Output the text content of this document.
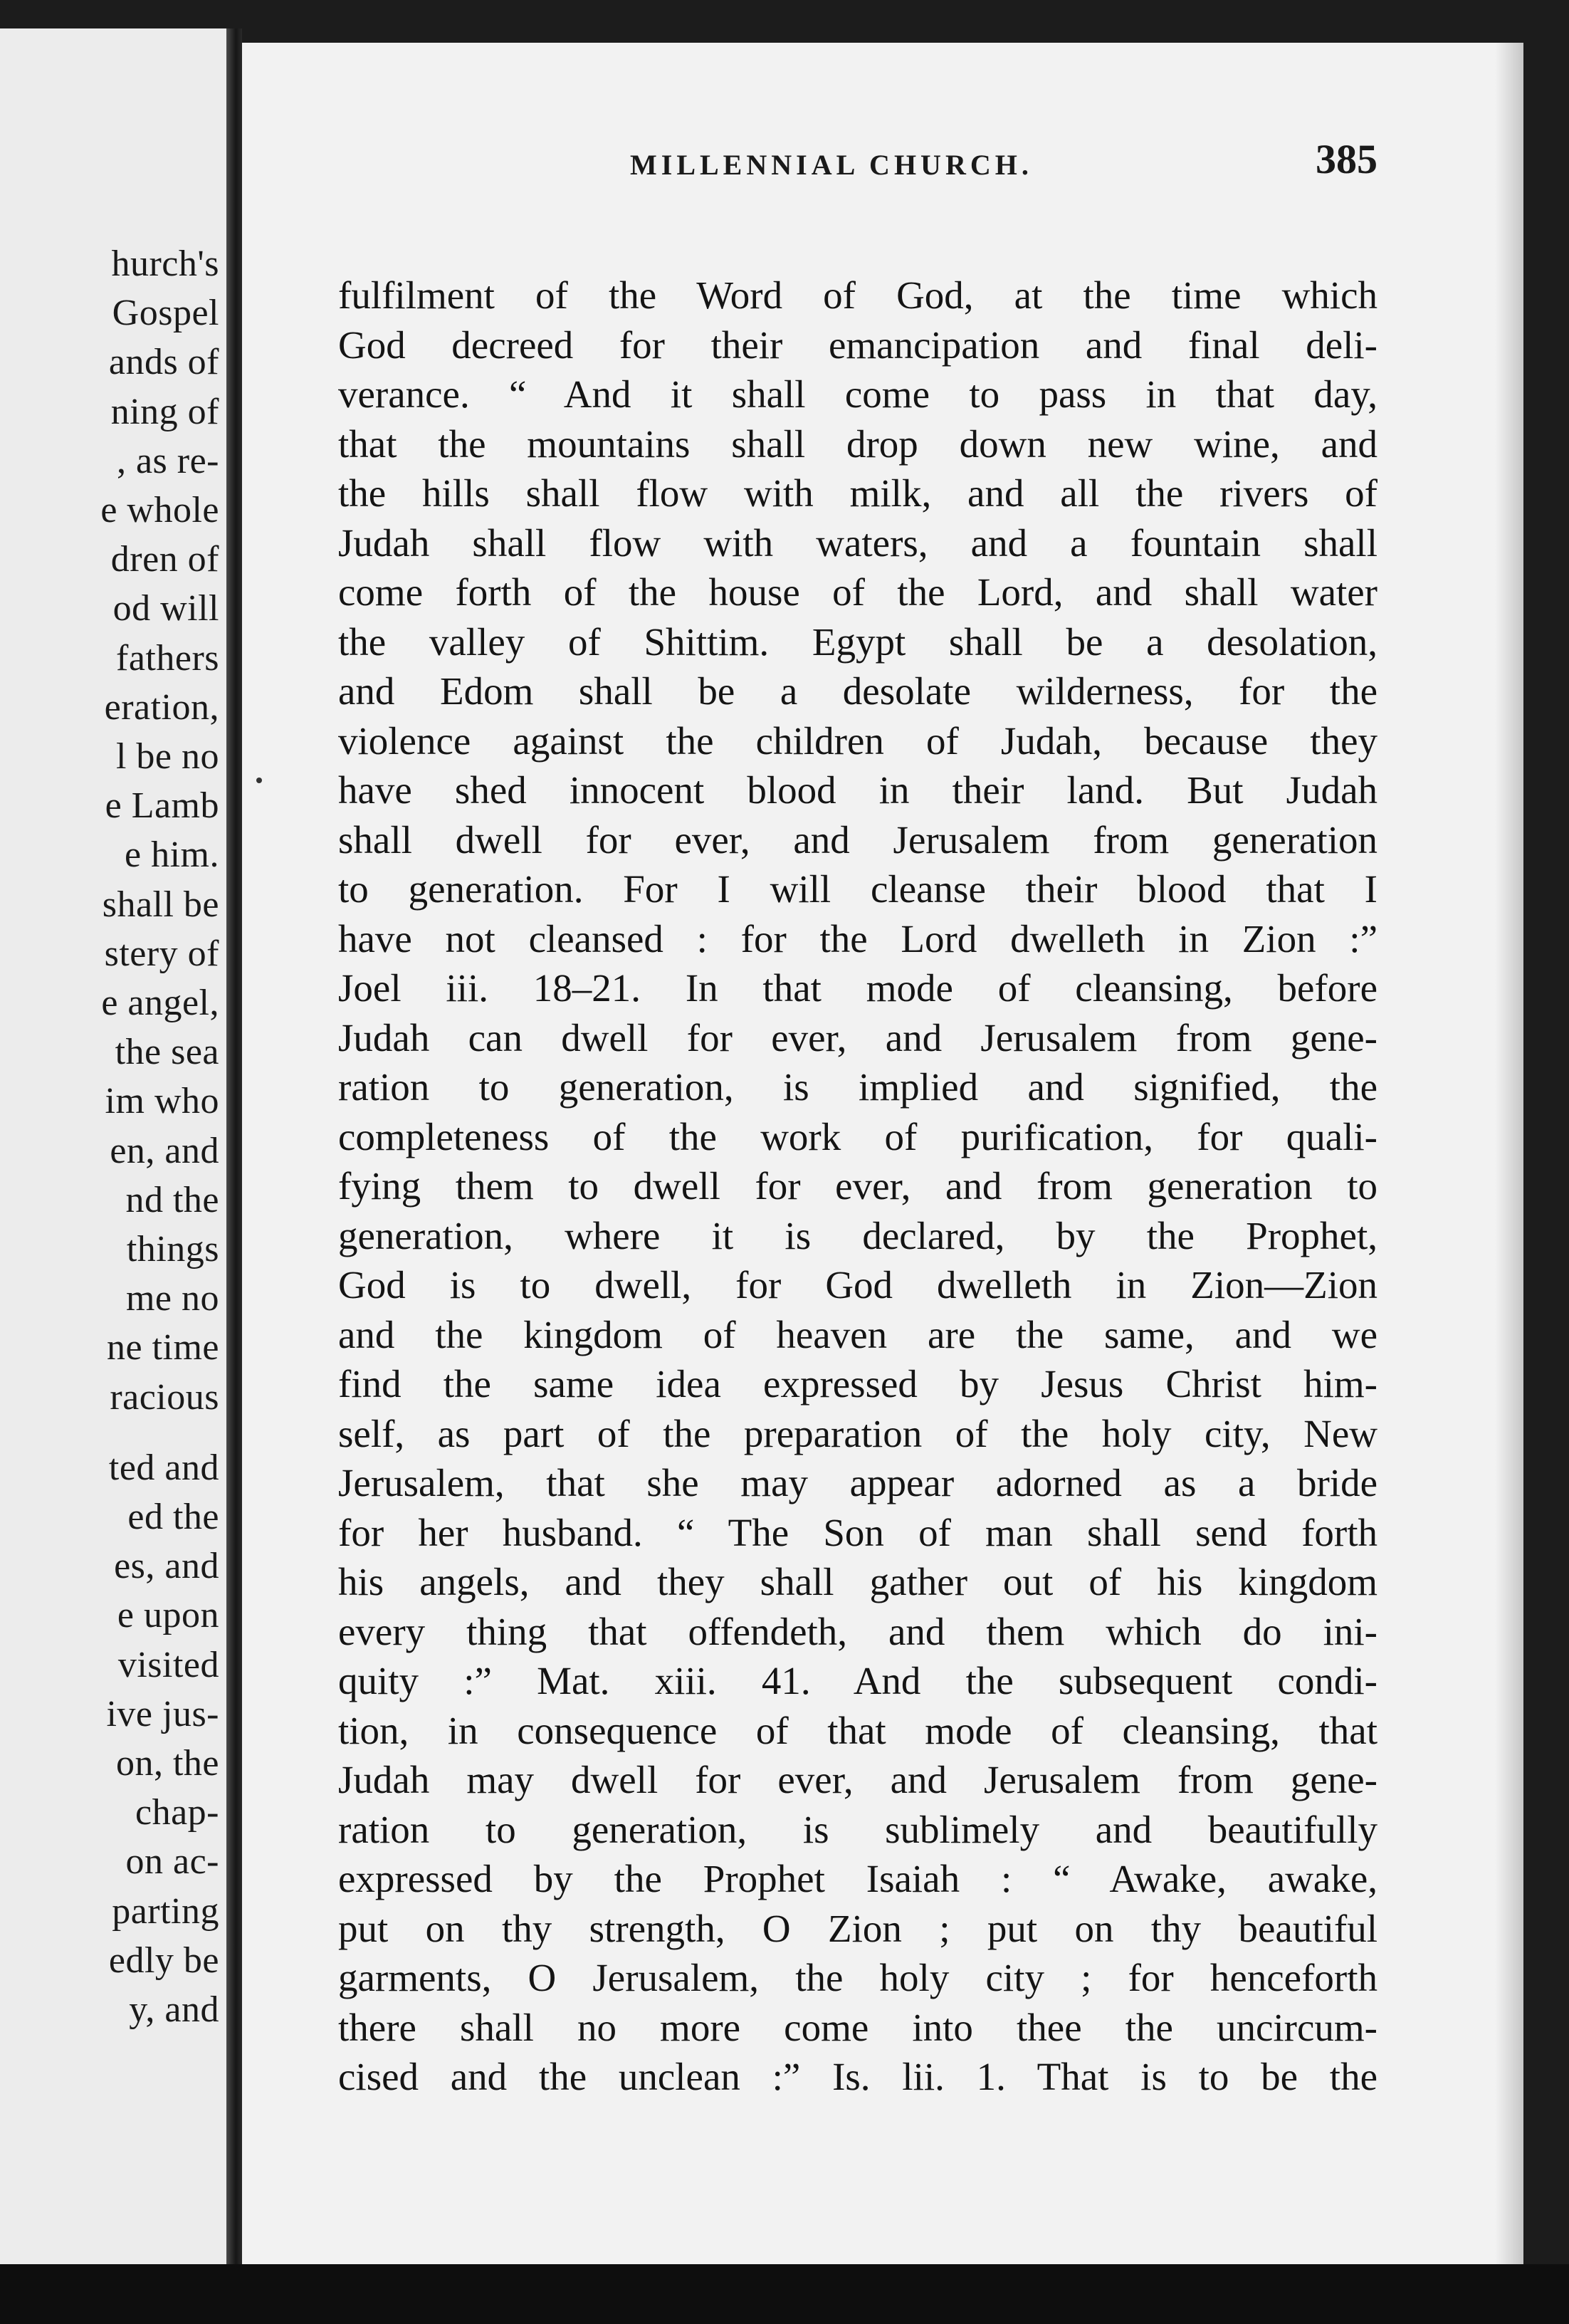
hurch's
Gospel
ands of
ning of
, as re-
e whole
dren of
od will
fathers
eration,
l be no
e Lamb
e him.
shall be
stery of
e angel,
the sea
im who
en, and
nd the
things
me no
ne time
racious
ted and
ed the
es, and
e upon
visited
ive jus-
on, the
chap-
on ac-
parting
edly be
y, and
MILLENNIAL CHURCH.	385
fulfilment of the Word of God, at the time which
God decreed for their emancipation and final deli-
verance. “ And it shall come to pass in that day,
that the mountains shall drop down new wine, and
the hills shall flow with milk, and all the rivers of
Judah shall flow with waters, and a fountain shall
come forth of the house of the Lord, and shall water
the valley of Shittim. Egypt shall be a desolation,
and Edom shall be a desolate wilderness, for the
violence against the children of Judah, because they
have shed innocent blood in their land. But Judah
shall dwell for ever, and Jerusalem from generation
to generation. For I will cleanse their blood that I
have not cleansed : for the Lord dwelleth in Zion :”
Joel iii. 18–21. In that mode of cleansing, before
Judah can dwell for ever, and Jerusalem from gene-
ration to generation, is implied and signified, the
completeness of the work of purification, for quali-
fying them to dwell for ever, and from generation to
generation, where it is declared, by the Prophet,
God is to dwell, for God dwelleth in Zion—Zion
and the kingdom of heaven are the same, and we
find the same idea expressed by Jesus Christ him-
self, as part of the preparation of the holy city, New
Jerusalem, that she may appear adorned as a bride
for her husband. “ The Son of man shall send forth
his angels, and they shall gather out of his kingdom
every thing that offendeth, and them which do ini-
quity :” Mat. xiii. 41. And the subsequent condi-
tion, in consequence of that mode of cleansing, that
Judah may dwell for ever, and Jerusalem from gene-
ration to generation, is sublimely and beautifully
expressed by the Prophet Isaiah : “ Awake, awake,
put on thy strength, O Zion ; put on thy beautiful
garments, O Jerusalem, the holy city ; for henceforth
there shall no more come into thee the uncircum-
cised and the unclean :” Is. lii. 1. That is to be the
